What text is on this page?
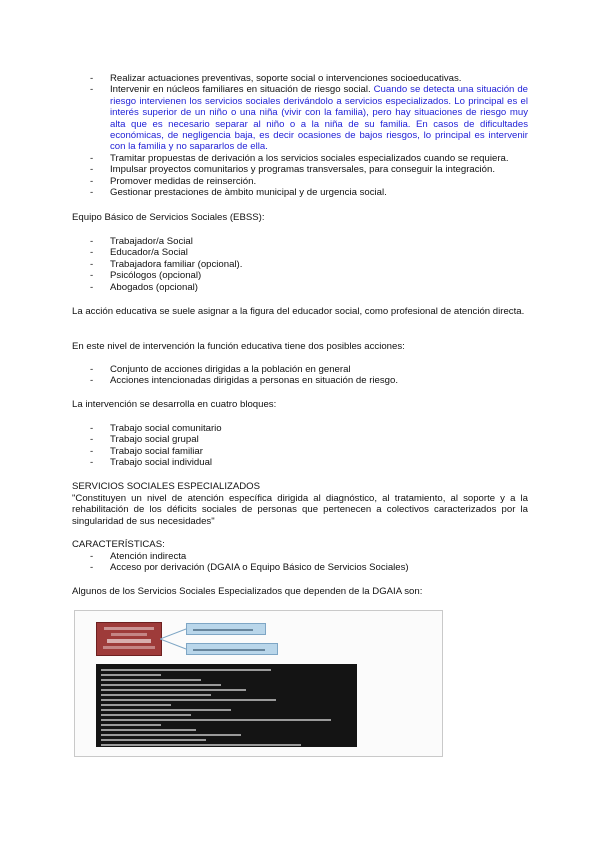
- Realizar actuaciones preventivas, soporte social o intervenciones socioeducativas.
- Intervenir en núcleos familiares en situación de riesgo social. Cuando se detecta una situación de riesgo intervienen los servicios sociales derivándolo a servicios especializados. Lo principal es el interés superior de un niño o una niña (vivir con la familia), pero hay situaciones de riesgo muy alta que es necesario separar al niño o a la niña de su familia. En casos de dificultades económicas, de negligencia baja, es decir ocasiones de bajos riesgos, lo principal es intervenir con la familia y no sapararlos de ella.
- Tramitar propuestas de derivación a los servicios sociales especializados cuando se requiera.
- Impulsar proyectos comunitarios y programas transversales, para conseguir la integración.
- Promover medidas de reinserción.
- Gestionar prestaciones de àmbito municipal y de urgencia social.
Equipo Básico de Servicios Sociales (EBSS):
- Trabajador/a Social
- Educador/a Social
- Trabajadora familiar (opcional).
- Psicólogos (opcional)
- Abogados (opcional)
La acción educativa se suele asignar a la figura del educador social, como profesional de atención directa.
En este nivel de intervención la función educativa tiene dos posibles acciones:
- Conjunto de acciones dirigidas a la población en general
- Acciones intencionadas dirigidas a personas en situación de riesgo.
La intervención se desarrolla en cuatro bloques:
- Trabajo social comunitario
- Trabajo social grupal
- Trabajo social familiar
- Trabajo social individual
SERVICIOS SOCIALES ESPECIALIZADOS
"Constituyen un nivel de atención específica dirigida al diagnóstico, al tratamiento, al soporte y a la rehabilitación de los déficits sociales de personas que pertenecen a colectivos caracterizados por la singularidad de sus necesidades"
CARACTERÍSTICAS:
- Atención indirecta
- Acceso por derivación (DGAIA o Equipo Básico de Servicios Sociales)
Algunos de los Servicios Sociales Especializados que dependen de la DGAIA son:
